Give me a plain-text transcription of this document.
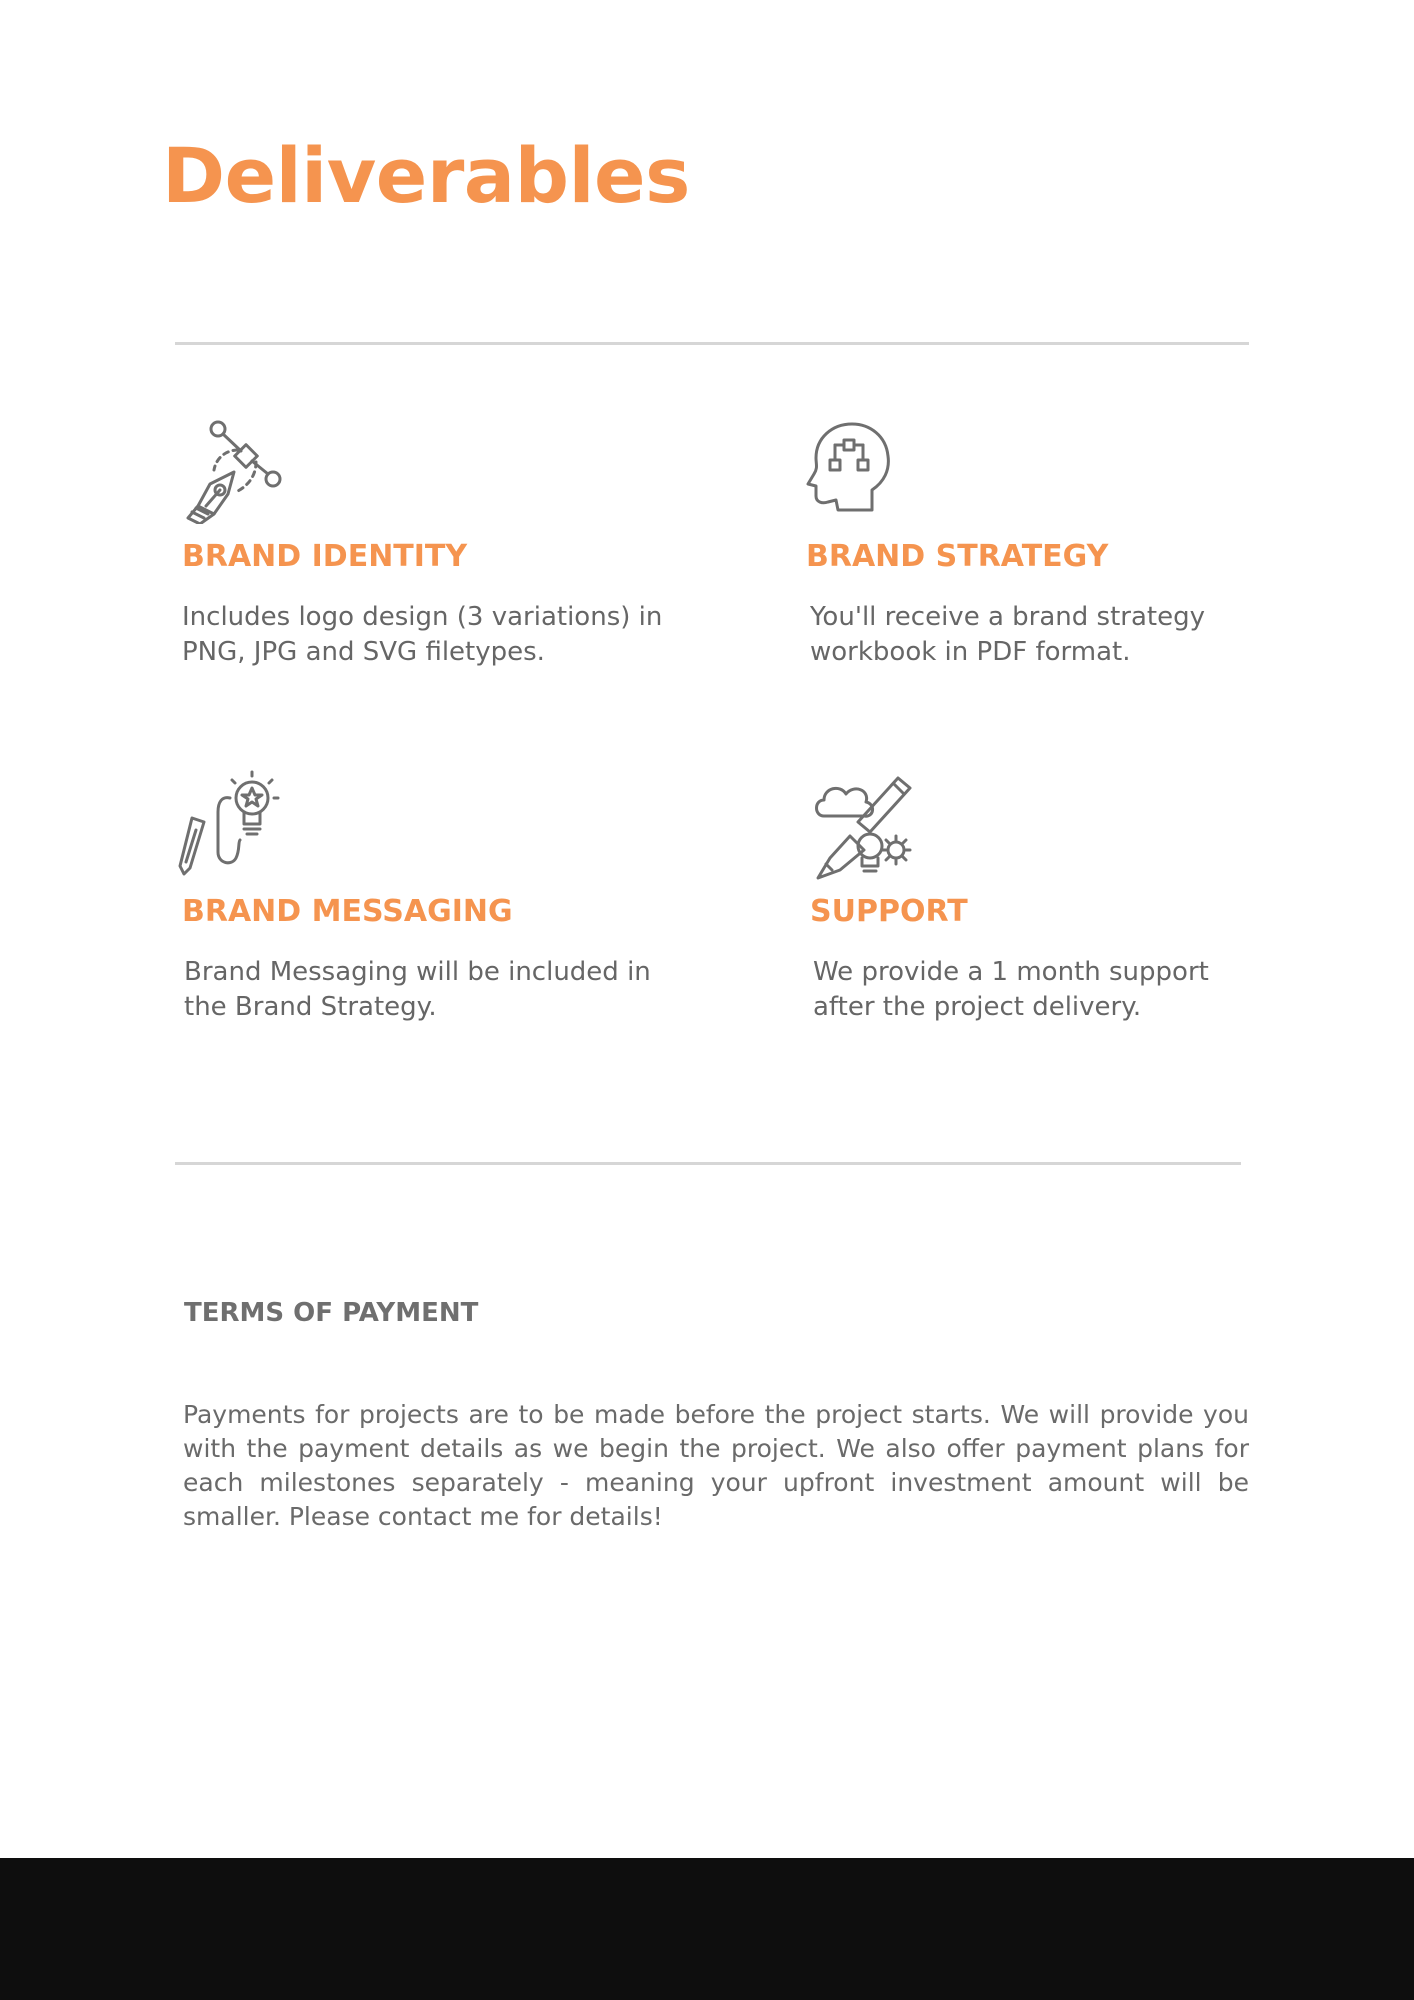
Deliverables
BRAND IDENTITY

Includes logo design (3 variations) in PNG, JPG and SVG filetypes.

BRAND STRATEGY

You'll receive a brand strategy workbook in PDF format.

BRAND MESSAGING

Brand Messaging will be included in the Brand Strategy.

SUPPORT

We provide a 1 month support after the project delivery.

TERMS OF PAYMENT

Payments for projects are to be made before the project starts. We will provide you with the payment details as we begin the project. We also offer payment plans for each milestones separately - meaning your upfront investment amount will be smaller. Please contact me for details!
